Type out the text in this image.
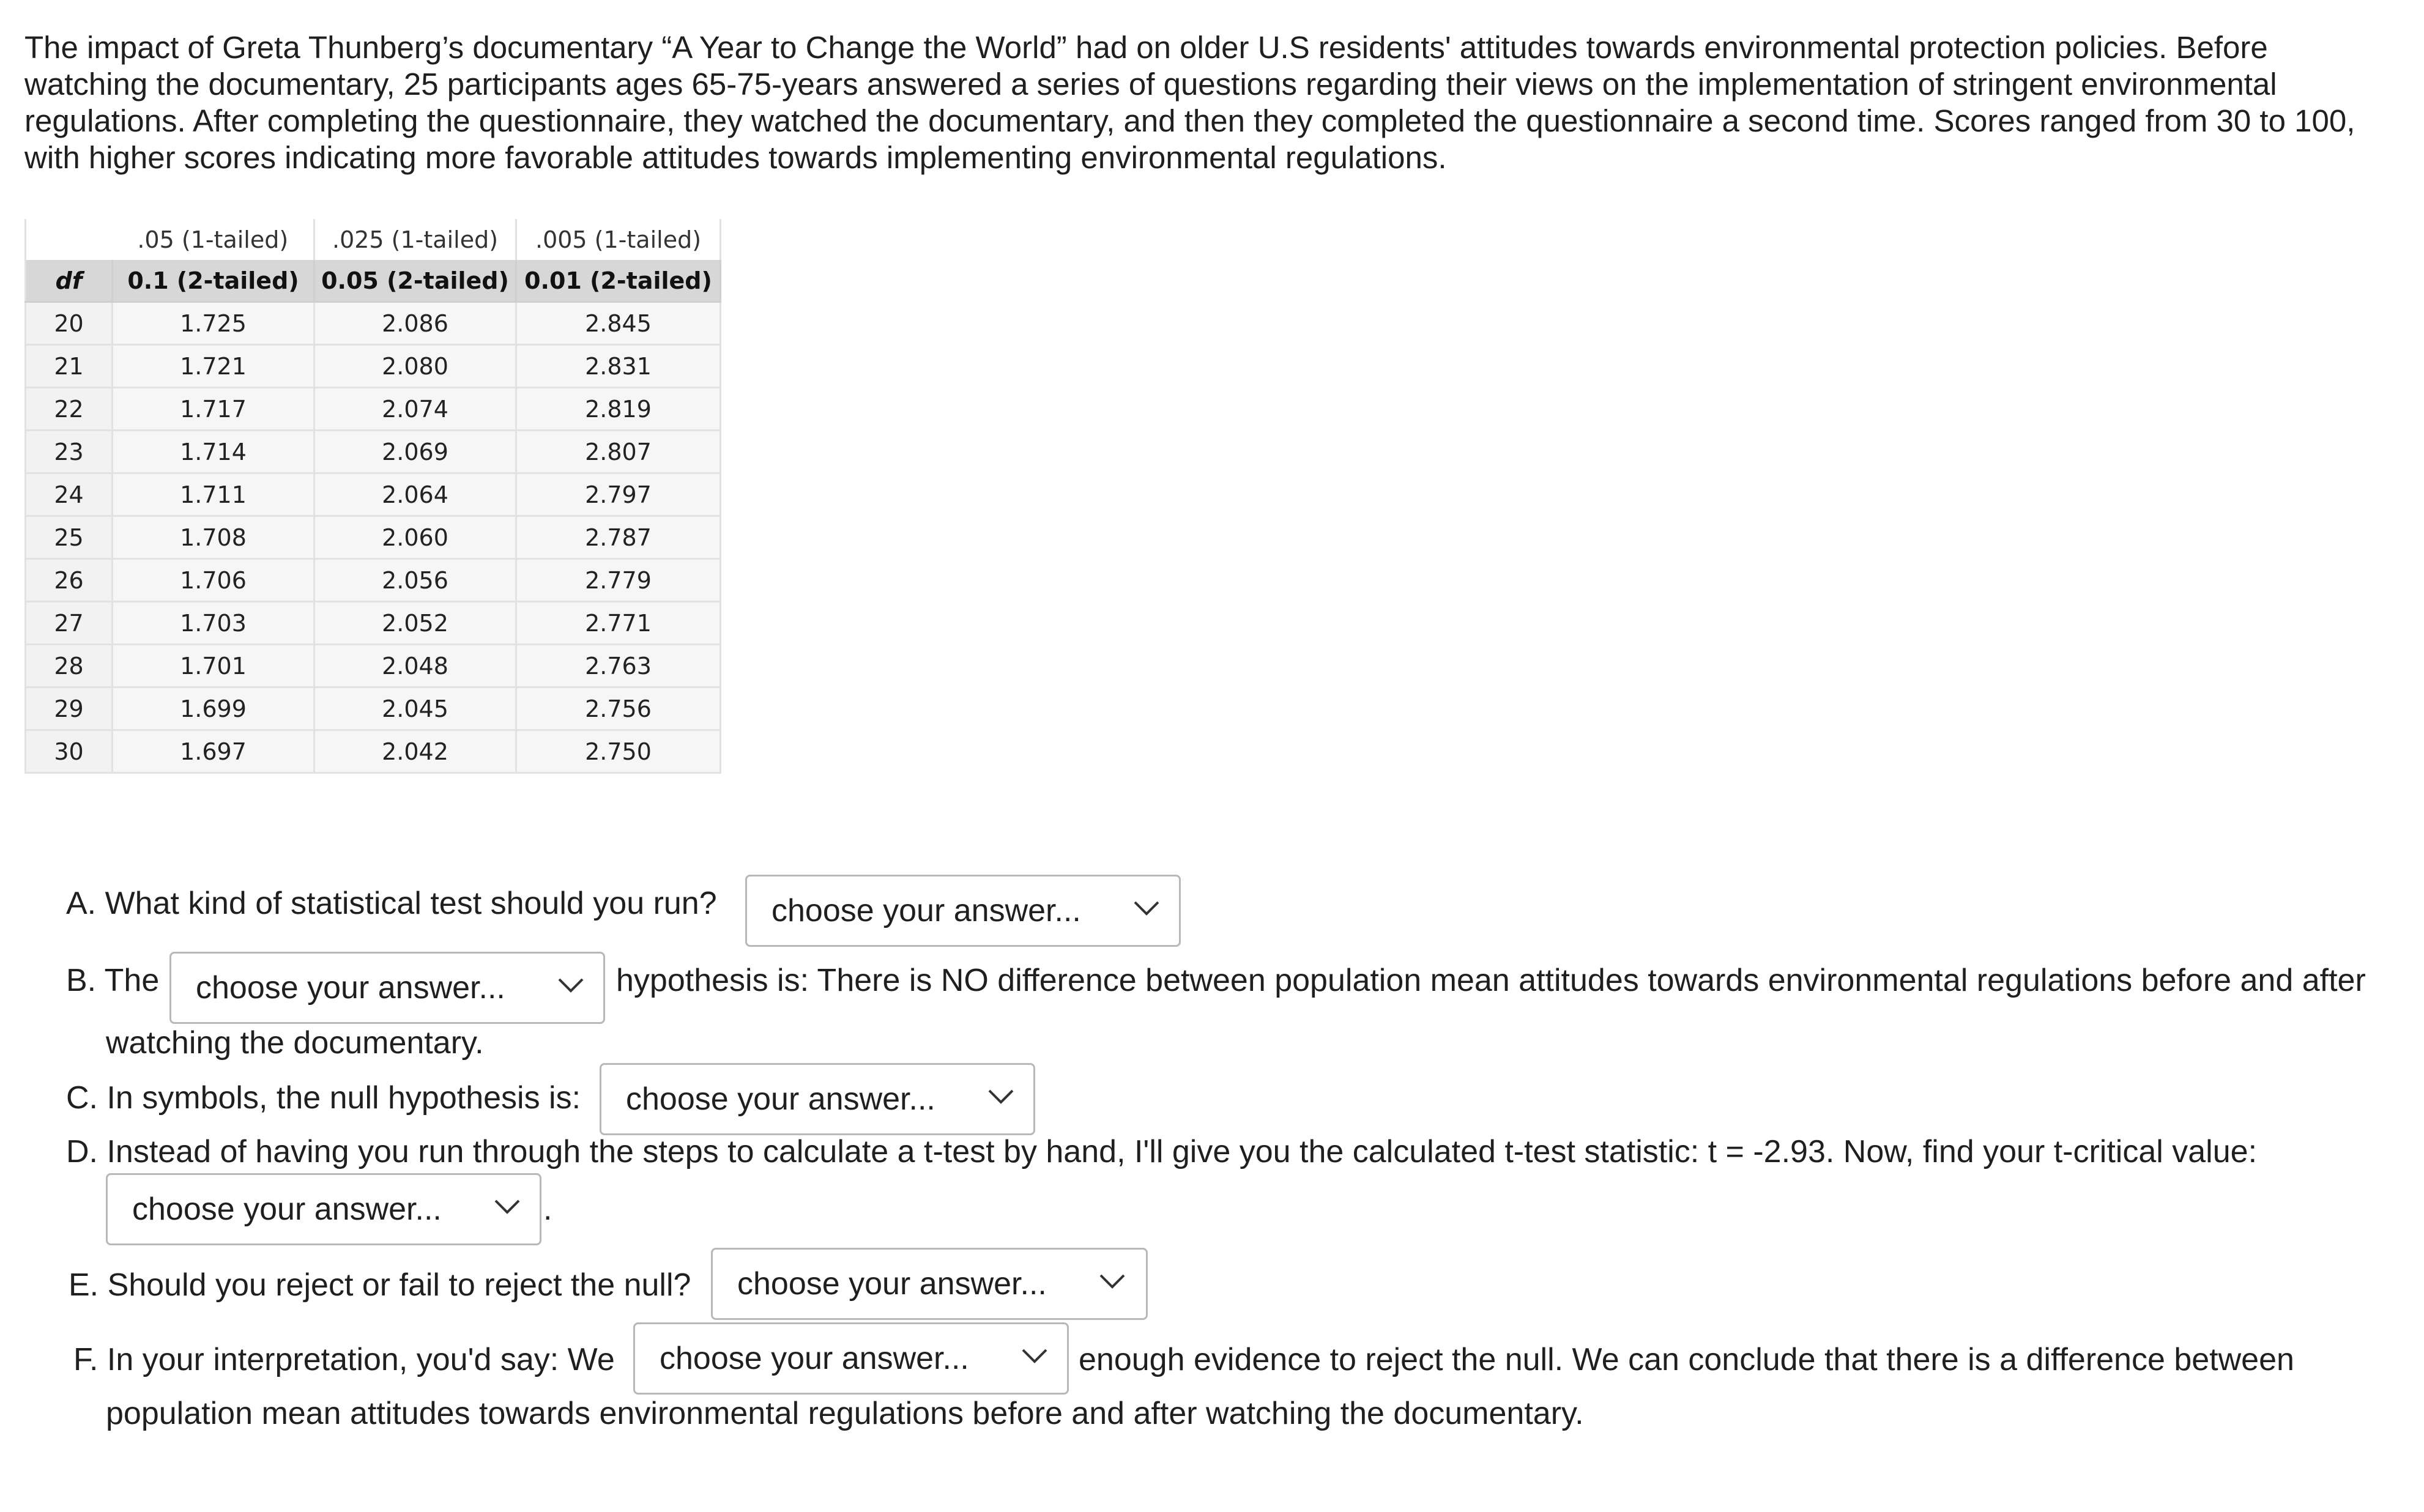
The impact of Greta Thunberg’s documentary “A Year to Change the World” had on older U.S residents' attitudes towards environmental protection policies. Before watching the documentary, 25 participants ages 65-75-years answered a series of questions regarding their views on the implementation of stringent environmental regulations. After completing the questionnaire, they watched the documentary, and then they completed the questionnaire a second time. Scores ranged from 30 to 100, with higher scores indicating more favorable attitudes towards implementing environmental regulations.

	.05 (1-tailed)	.025 (1-tailed)	.005 (1-tailed)
df	0.1 (2-tailed)	0.05 (2-tailed)	0.01 (2-tailed)
20	1.725	2.086	2.845
21	1.721	2.080	2.831
22	1.717	2.074	2.819
23	1.714	2.069	2.807
24	1.711	2.064	2.797
25	1.708	2.060	2.787
26	1.706	2.056	2.779
27	1.703	2.052	2.771
28	1.701	2.048	2.763
29	1.699	2.045	2.756
30	1.697	2.042	2.750
A. What kind of statistical test should you run?	choose your answer...
B. The	choose your answer...	hypothesis is: There is NO difference between population mean attitudes towards environmental regulations before and after
watching the documentary.
C. In symbols, the null hypothesis is:	choose your answer...
D. Instead of having you run through the steps to calculate a t-test by hand, I'll give you the calculated t-test statistic: t = -2.93. Now, find your t-critical value:
choose your answer...	.
E. Should you reject or fail to reject the null?	choose your answer...
F. In your interpretation, you'd say: We	choose your answer...	enough evidence to reject the null. We can conclude that there is a difference between
population mean attitudes towards environmental regulations before and after watching the documentary.
